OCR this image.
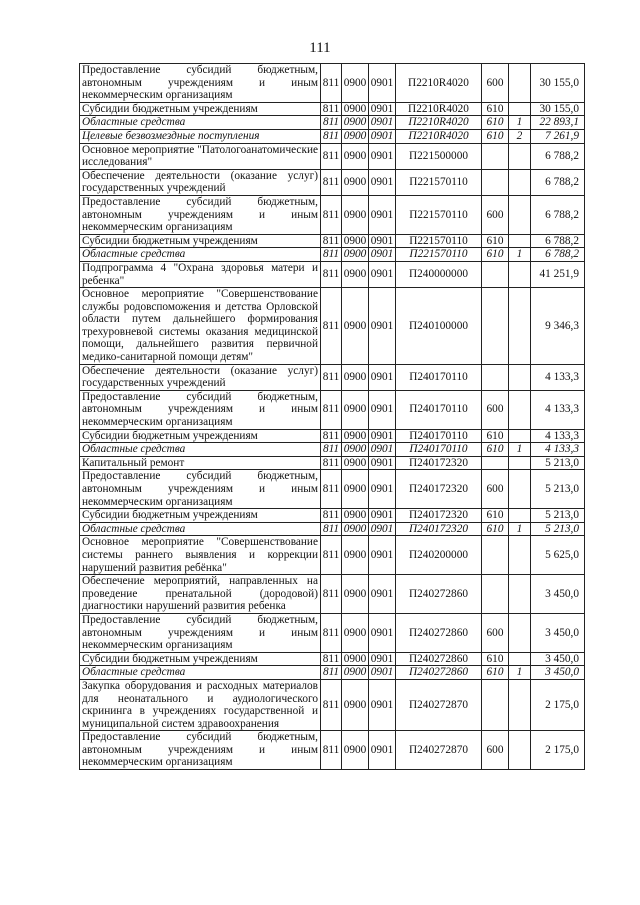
111
Предоставление субсидий бюджетным, автономным учреждениям и иным некоммерческим организациям	811	0900	0901	П2210R4020	600		30 155,0
Субсидии бюджетным учреждениям	811	0900	0901	П2210R4020	610		30 155,0
Областные средства	811	0900	0901	П2210R4020	610	1	22 893,1
Целевые безвозмездные поступления	811	0900	0901	П2210R4020	610	2	7 261,9
Основное мероприятие "Патологоанатомические исследования"	811	0900	0901	П221500000			6 788,2
Обеспечение деятельности (оказание услуг) государственных учреждений	811	0900	0901	П221570110			6 788,2
Предоставление субсидий бюджетным, автономным учреждениям и иным некоммерческим организациям	811	0900	0901	П221570110	600		6 788,2
Субсидии бюджетным учреждениям	811	0900	0901	П221570110	610		6 788,2
Областные средства	811	0900	0901	П221570110	610	1	6 788,2
Подпрограмма 4 "Охрана здоровья матери и ребенка"	811	0900	0901	П240000000			41 251,9
Основное мероприятие "Совершенствование службы родовспоможения и детства Орловской области путем дальнейшего формирования трехуровневой системы оказания медицинской помощи, дальнейшего развития первичной медико-санитарной помощи детям"	811	0900	0901	П240100000			9 346,3
Обеспечение деятельности (оказание услуг) государственных учреждений	811	0900	0901	П240170110			4 133,3
Предоставление субсидий бюджетным, автономным учреждениям и иным некоммерческим организациям	811	0900	0901	П240170110	600		4 133,3
Субсидии бюджетным учреждениям	811	0900	0901	П240170110	610		4 133,3
Областные средства	811	0900	0901	П240170110	610	1	4 133,3
Капитальный ремонт	811	0900	0901	П240172320			5 213,0
Предоставление субсидий бюджетным, автономным учреждениям и иным некоммерческим организациям	811	0900	0901	П240172320	600		5 213,0
Субсидии бюджетным учреждениям	811	0900	0901	П240172320	610		5 213,0
Областные средства	811	0900	0901	П240172320	610	1	5 213,0
Основное мероприятие "Совершенствование системы раннего выявления и коррекции нарушений развития ребёнка"	811	0900	0901	П240200000			5 625,0
Обеспечение мероприятий, направленных на проведение пренатальной (дородовой) диагностики нарушений развития ребенка	811	0900	0901	П240272860			3 450,0
Предоставление субсидий бюджетным, автономным учреждениям и иным некоммерческим организациям	811	0900	0901	П240272860	600		3 450,0
Субсидии бюджетным учреждениям	811	0900	0901	П240272860	610		3 450,0
Областные средства	811	0900	0901	П240272860	610	1	3 450,0
Закупка оборудования и расходных материалов для неонатального и аудиологического скрининга в учреждениях государственной и муниципальной систем здравоохранения	811	0900	0901	П240272870			2 175,0
Предоставление субсидий бюджетным, автономным учреждениям и иным некоммерческим организациям	811	0900	0901	П240272870	600		2 175,0
